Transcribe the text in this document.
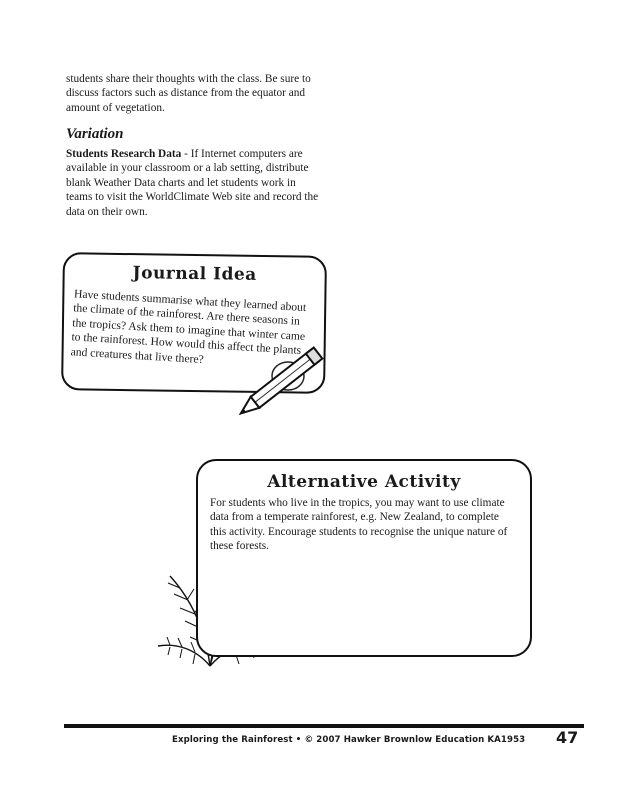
students share their thoughts with the class. Be sure to discuss factors such as distance from the equator and amount of vegetation.

Variation

Students Research Data - If Internet computers are available in your classroom or a lab setting, distribute blank Weather Data charts and let students work in teams to visit the WorldClimate Web site and record the data on their own.

Journal Idea

Have students summarise what they learned about the climate of the rainforest. Are there seasons in the tropics? Ask them to imagine that winter came to the rainforest. How would this affect the plants and creatures that live there?

Alternative Activity

For students who live in the tropics, you may want to use climate data from a temperate rainforest, e.g. New Zealand, to complete this activity. Encourage students to recognise the unique nature of these forests.

Exploring the Rainforest • © 2007 Hawker Brownlow Education KA1953 47
